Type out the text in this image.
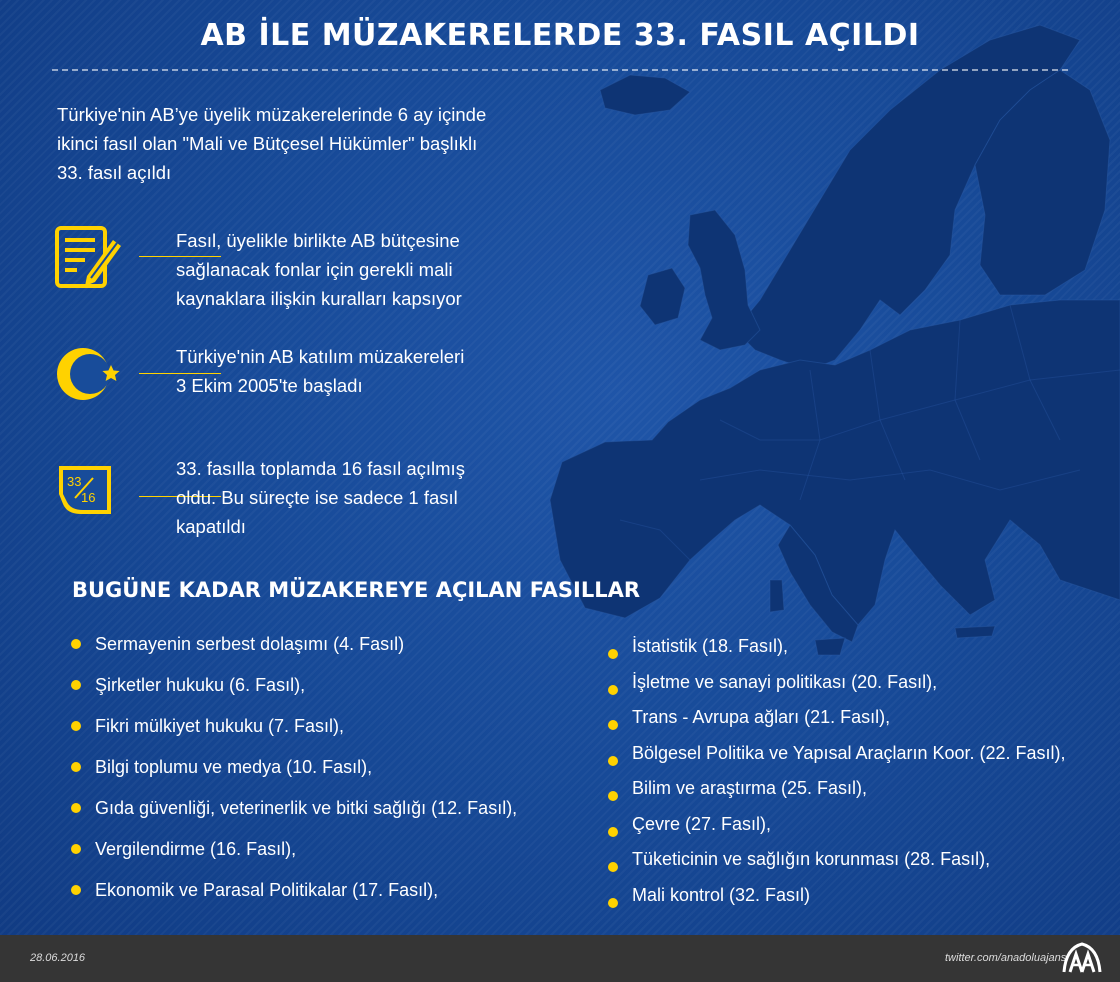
AB İLE MÜZAKERELERDE 33. FASIL AÇILDI

Türkiye'nin AB’ye üyelik müzakerelerinde 6 ay içinde ikinci fasıl olan "Mali ve Bütçesel Hükümler" başlıklı 33. fasıl açıldı

Fasıl, üyelikle birlikte AB bütçesine sağlanacak fonlar için gerekli mali kaynaklara ilişkin kuralları kapsıyor
Türkiye'nin AB katılım müzakereleri 3 Ekim 2005'te başladı
33
16
33. fasılla toplamda 16 fasıl açılmış oldu. Bu süreçte ise sadece 1 fasıl kapatıldı
BUGÜNE KADAR MÜZAKEREYE AÇILAN FASILLAR
Sermayenin serbest dolaşımı (4. Fasıl)
Şirketler hukuku (6. Fasıl),
Fikri mülkiyet hukuku (7. Fasıl),
Bilgi toplumu ve medya (10. Fasıl),
Gıda güvenliği, veterinerlik ve bitki sağlığı (12. Fasıl),
Vergilendirme (16. Fasıl),
Ekonomik ve Parasal Politikalar (17. Fasıl),
İstatistik (18. Fasıl),
İşletme ve sanayi politikası (20. Fasıl),
Trans - Avrupa ağları (21. Fasıl),
Bölgesel Politika ve Yapısal Araçların Koor. (22. Fasıl),
Bilim ve araştırma (25. Fasıl),
Çevre (27. Fasıl),
Tüketicinin ve sağlığın korunması (28. Fasıl),
Mali kontrol (32. Fasıl)
28.06.2016	twitter.com/anadoluajansi
